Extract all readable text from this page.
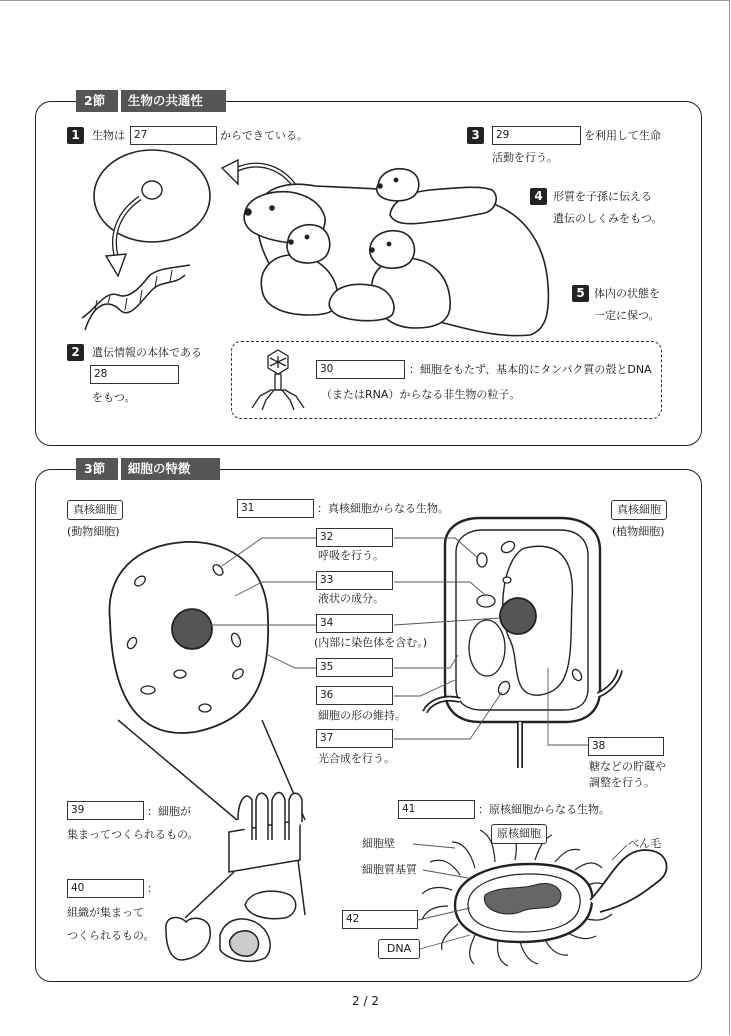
2節 生物の共通性
1	生物は 27	からできている。	3	29	を利用して生命
活動を行う。
4 形質を子孫に伝える
遺伝のしくみをもつ。
5 体内の状態を
一定に保つ。
2	遺伝情報の本体である
28
をもつ。
30	：細胞をもたず、基本的にタンパク質の殻とDNA
（またはRNA）からなる非生物の粒子。
3節 細胞の特徴
真核細胞
(動物細胞)
真核細胞
(植物細胞)
31	：真核細胞からなる生物。
32
呼吸を行う。
33
液状の成分。
34
(内部に染色体を含む。)
35
36
細胞の形の維持。
37
光合成を行う。
38
糖などの貯蔵や
調整を行う。
39	：細胞が
集まってつくられるもの。
40	：
組織が集まって
つくられるもの。
41	：原核細胞からなる生物。
原核細胞
細胞壁
細胞質基質
べん毛
42
DNA
2 / 2
